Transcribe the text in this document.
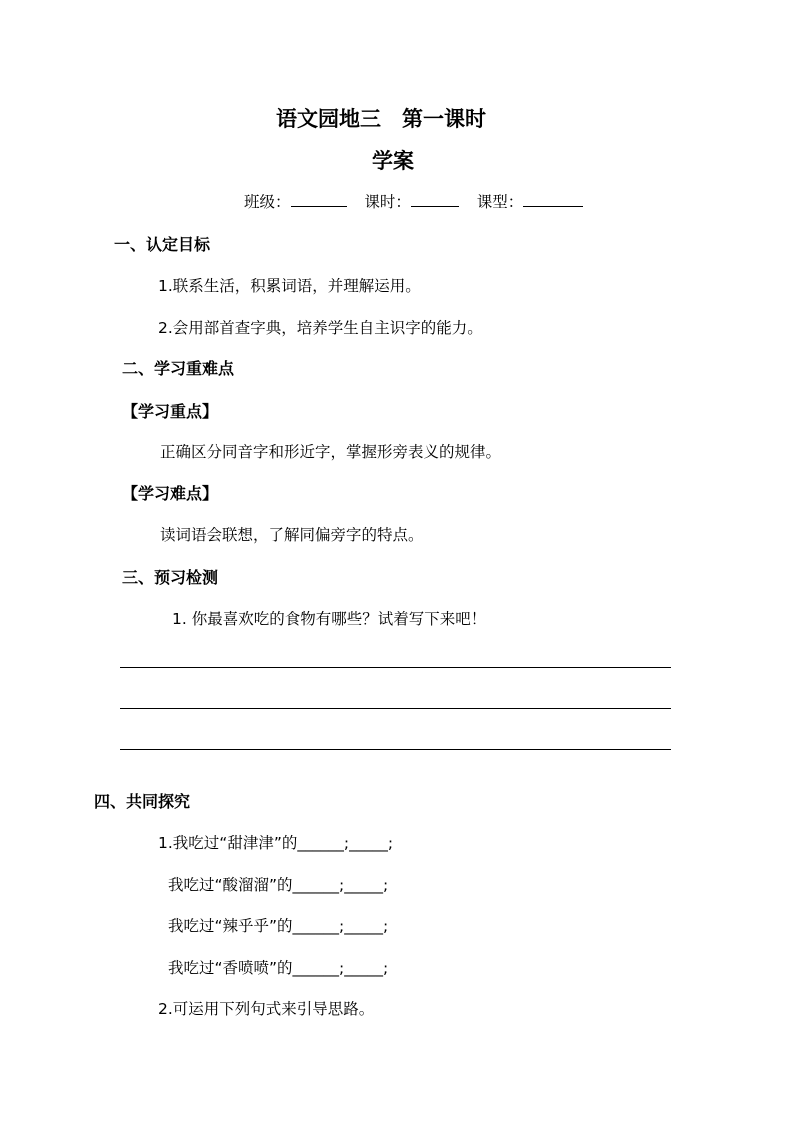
语文园地三　第一课时
学案
班级：	课时：	课型：
一、认定目标
1.联系生活，积累词语，并理解运用。
2.会用部首查字典，培养学生自主识字的能力。
二、学习重难点
【学习重点】
正确区分同音字和形近字，掌握形旁表义的规律。
【学习难点】
读词语会联想，了解同偏旁字的特点。
三、预习检测
1. 你最喜欢吃的食物有哪些？试着写下来吧！
四、共同探究
1.我吃过“甜津津”的______;_____;
我吃过“酸溜溜”的______;_____;
我吃过“辣乎乎”的______;_____;
我吃过“香喷喷”的______;_____;
2.可运用下列句式来引导思路。
